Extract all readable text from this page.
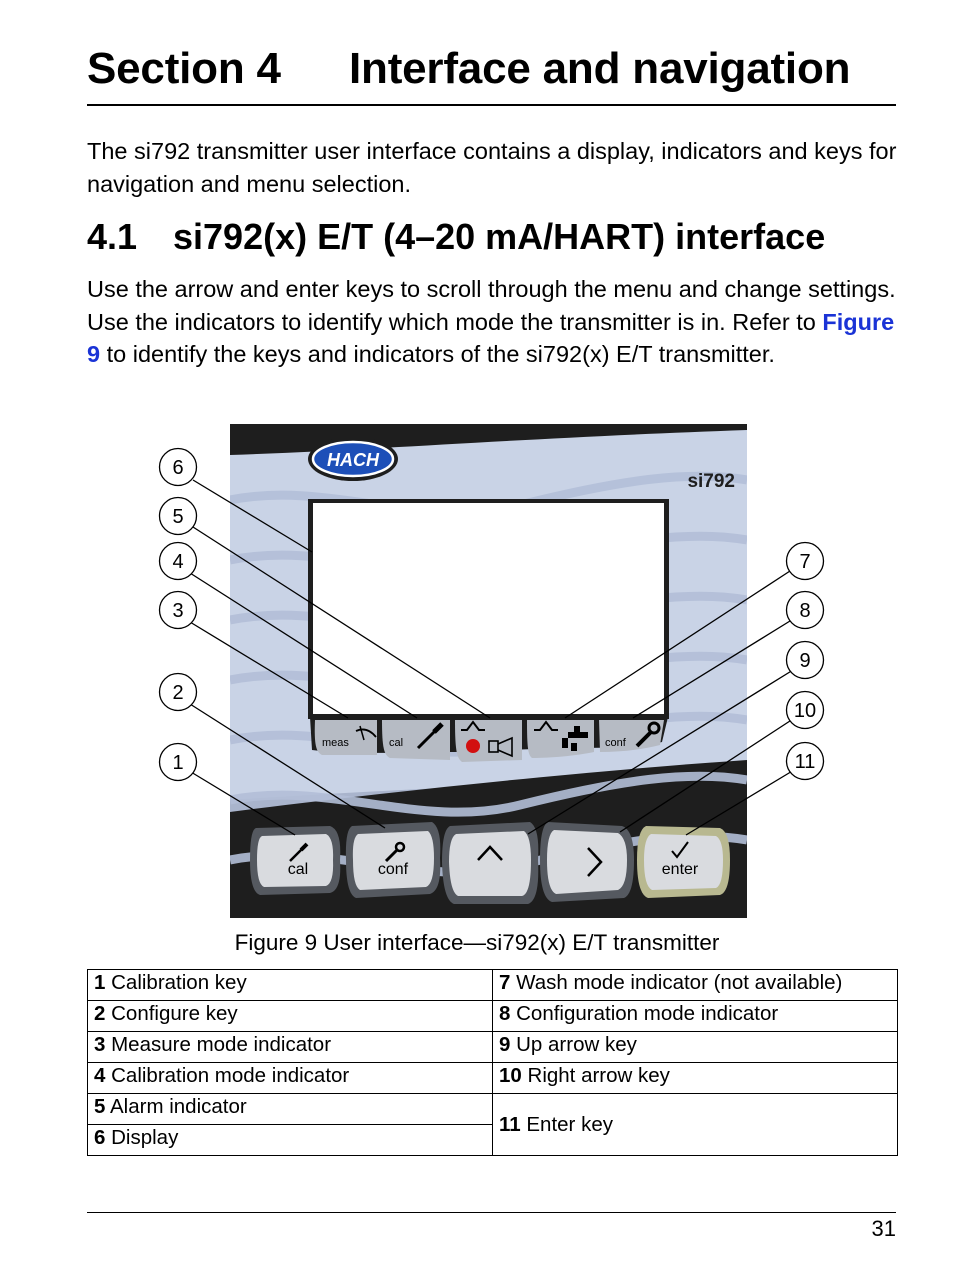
Section 4 Interface and navigation
The si792 transmitter user interface contains a display, indicators and keys for navigation and menu selection.
4.1 si792(x) E/T (4–20 mA/HART) interface
Use the arrow and enter keys to scroll through the menu and change settings. Use the indicators to identify which mode the transmitter is in. Refer to Figure 9 to identify the keys and indicators of the si792(x) E/T transmitter.
HACH
si792
meas	cal	conf
cal	conf	enter
1
2
3
4
5
6
7
8
9
10
11
Figure 9 User interface—si792(x) E/T transmitter
1 Calibration key	7 Wash mode indicator (not available)
2 Configure key	8 Configuration mode indicator
3 Measure mode indicator	9 Up arrow key
4 Calibration mode indicator	10 Right arrow key
5 Alarm indicator	11 Enter key
6 Display	
31
